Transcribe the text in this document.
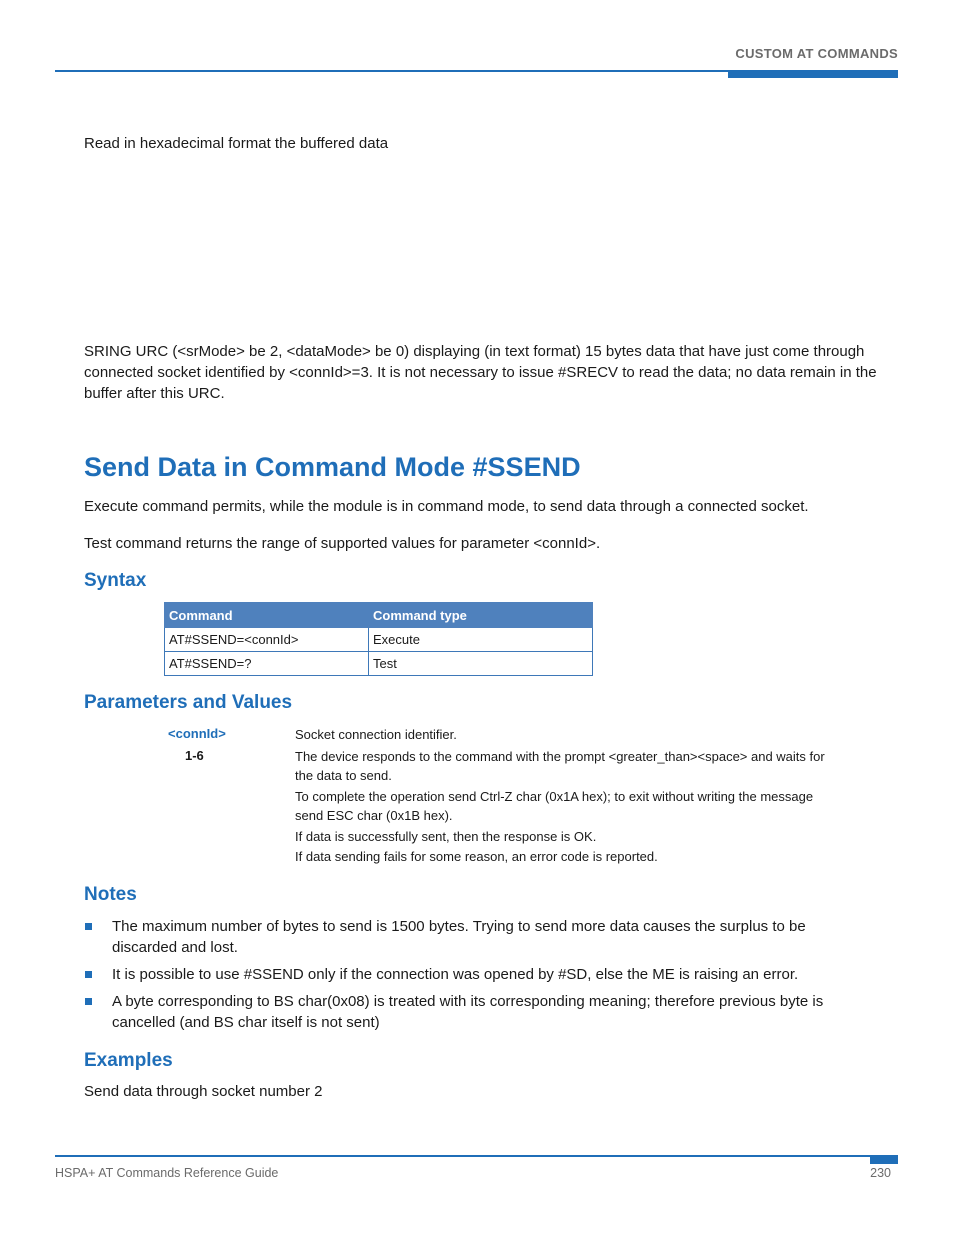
CUSTOM AT COMMANDS
Read in hexadecimal format the buffered data
SRING URC (<srMode> be 2, <dataMode> be 0) displaying (in text format) 15 bytes data that have just come through connected socket identified by <connId>=3. It is not necessary to issue #SRECV to read the data; no data remain in the buffer after this URC.
Send Data in Command Mode #SSEND
Execute command permits, while the module is in command mode, to send data through a connected socket.
Test command returns the range of supported values for parameter <connId>.
Syntax
Command	Command type
AT#SSEND=<connId>	Execute
AT#SSEND=?	Test
Parameters and Values
<connId>	Socket connection identifier.
1-6	The device responds to the command with the prompt <greater_than><space> and waits for the data to send.
To complete the operation send Ctrl-Z char (0x1A hex); to exit without writing the message send ESC char (0x1B hex).
If data is successfully sent, then the response is OK.
If data sending fails for some reason, an error code is reported.
Notes
The maximum number of bytes to send is 1500 bytes. Trying to send more data causes the surplus to be discarded and lost.
It is possible to use #SSEND only if the connection was opened by #SD, else the ME is raising an error.
A byte corresponding to BS char(0x08) is treated with its corresponding meaning; therefore previous byte is cancelled (and BS char itself is not sent)
Examples
Send data through socket number 2
HSPA+ AT Commands Reference Guide	230
